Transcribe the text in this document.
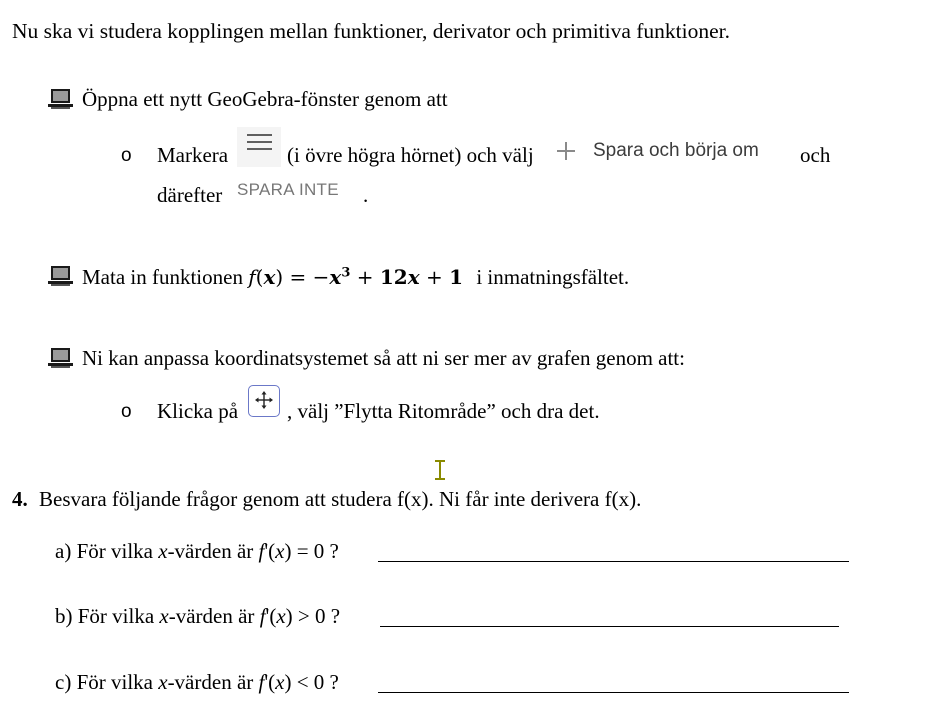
Nu ska vi studera kopplingen mellan funktioner, derivator och primitiva funktioner.
Öppna ett nytt GeoGebra-fönster genom att
o Markera	(i övre högra hörnet) och välj	Spara och börja om och
därefter SPARA INTE .
Mata in funktionen $f(x) = -x^3 + 12x + 1$ i inmatningsfältet.
Ni kan anpassa koordinatsystemet så att ni ser mer av grafen genom att:
o Klicka på , välj ”Flytta Ritområde” och dra det.
4. Besvara följande frågor genom att studera f(x). Ni får inte derivera f(x).
a) För vilka x-värden är f'(x) = 0 ?
b) För vilka x-värden är f'(x) > 0 ?
c) För vilka x-värden är f'(x) < 0 ?
